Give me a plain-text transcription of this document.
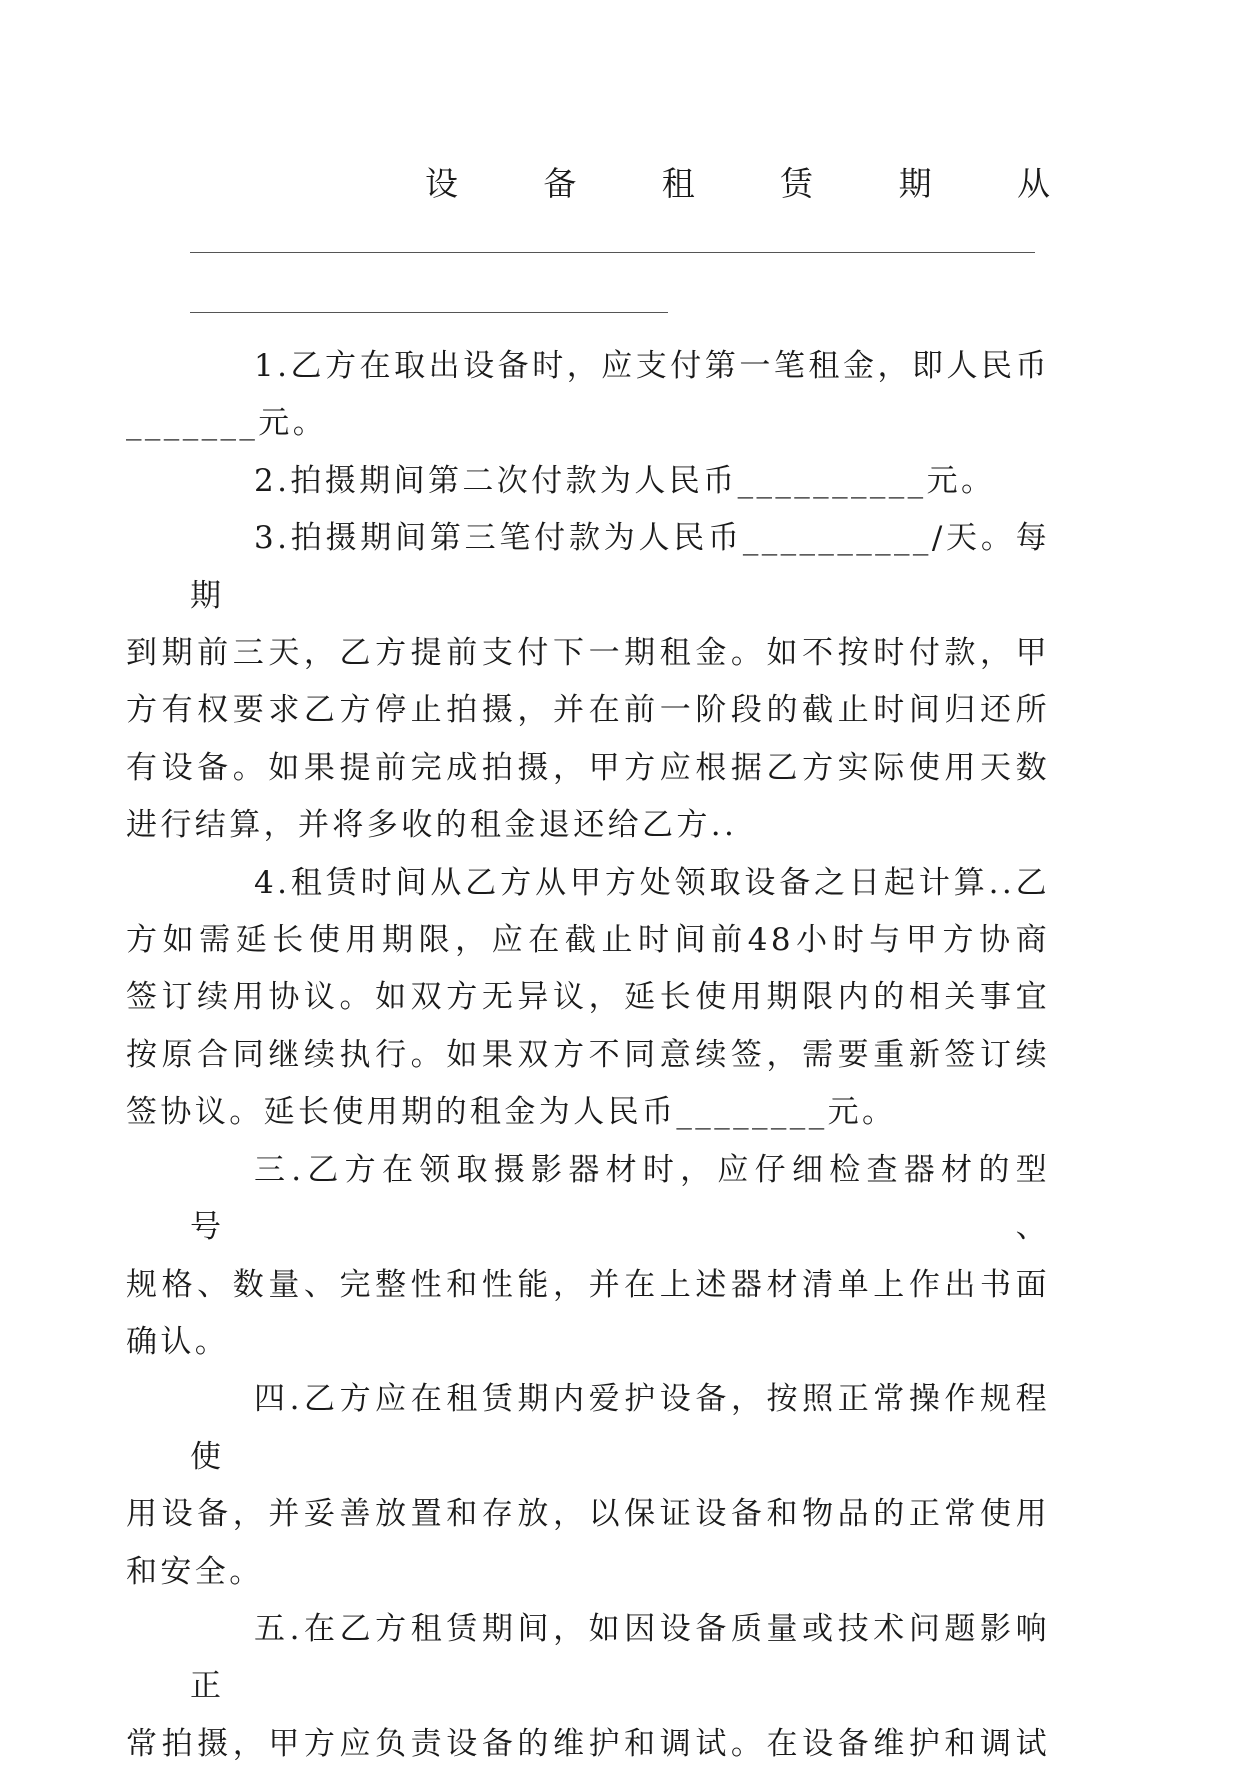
设	备	租	赁	期	从

1.乙方在取出设备时，应支付第一笔租金，即人民币
_______元。

2.拍摄期间第二次付款为人民币__________元。

3.拍摄期间第三笔付款为人民币__________/天。每期
到期前三天，乙方提前支付下一期租金。如不按时付款，甲
方有权要求乙方停止拍摄，并在前一阶段的截止时间归还所
有设备。如果提前完成拍摄，甲方应根据乙方实际使用天数
进行结算，并将多收的租金退还给乙方..

4.租赁时间从乙方从甲方处领取设备之日起计算..乙
方如需延长使用期限，应在截止时间前48小时与甲方协商
签订续用协议。如双方无异议，延长使用期限内的相关事宜
按原合同继续执行。如果双方不同意续签，需要重新签订续
签协议。延长使用期的租金为人民币________元。

三.乙方在领取摄影器材时，应仔细检查器材的型号、
规格、数量、完整性和性能，并在上述器材清单上作出书面
确认。

四.乙方应在租赁期内爱护设备，按照正常操作规程使
用设备，并妥善放置和存放，以保证设备和物品的正常使用
和安全。

五.在乙方租赁期间，如因设备质量或技术问题影响正
常拍摄，甲方应负责设备的维护和调试。在设备维护和调试
